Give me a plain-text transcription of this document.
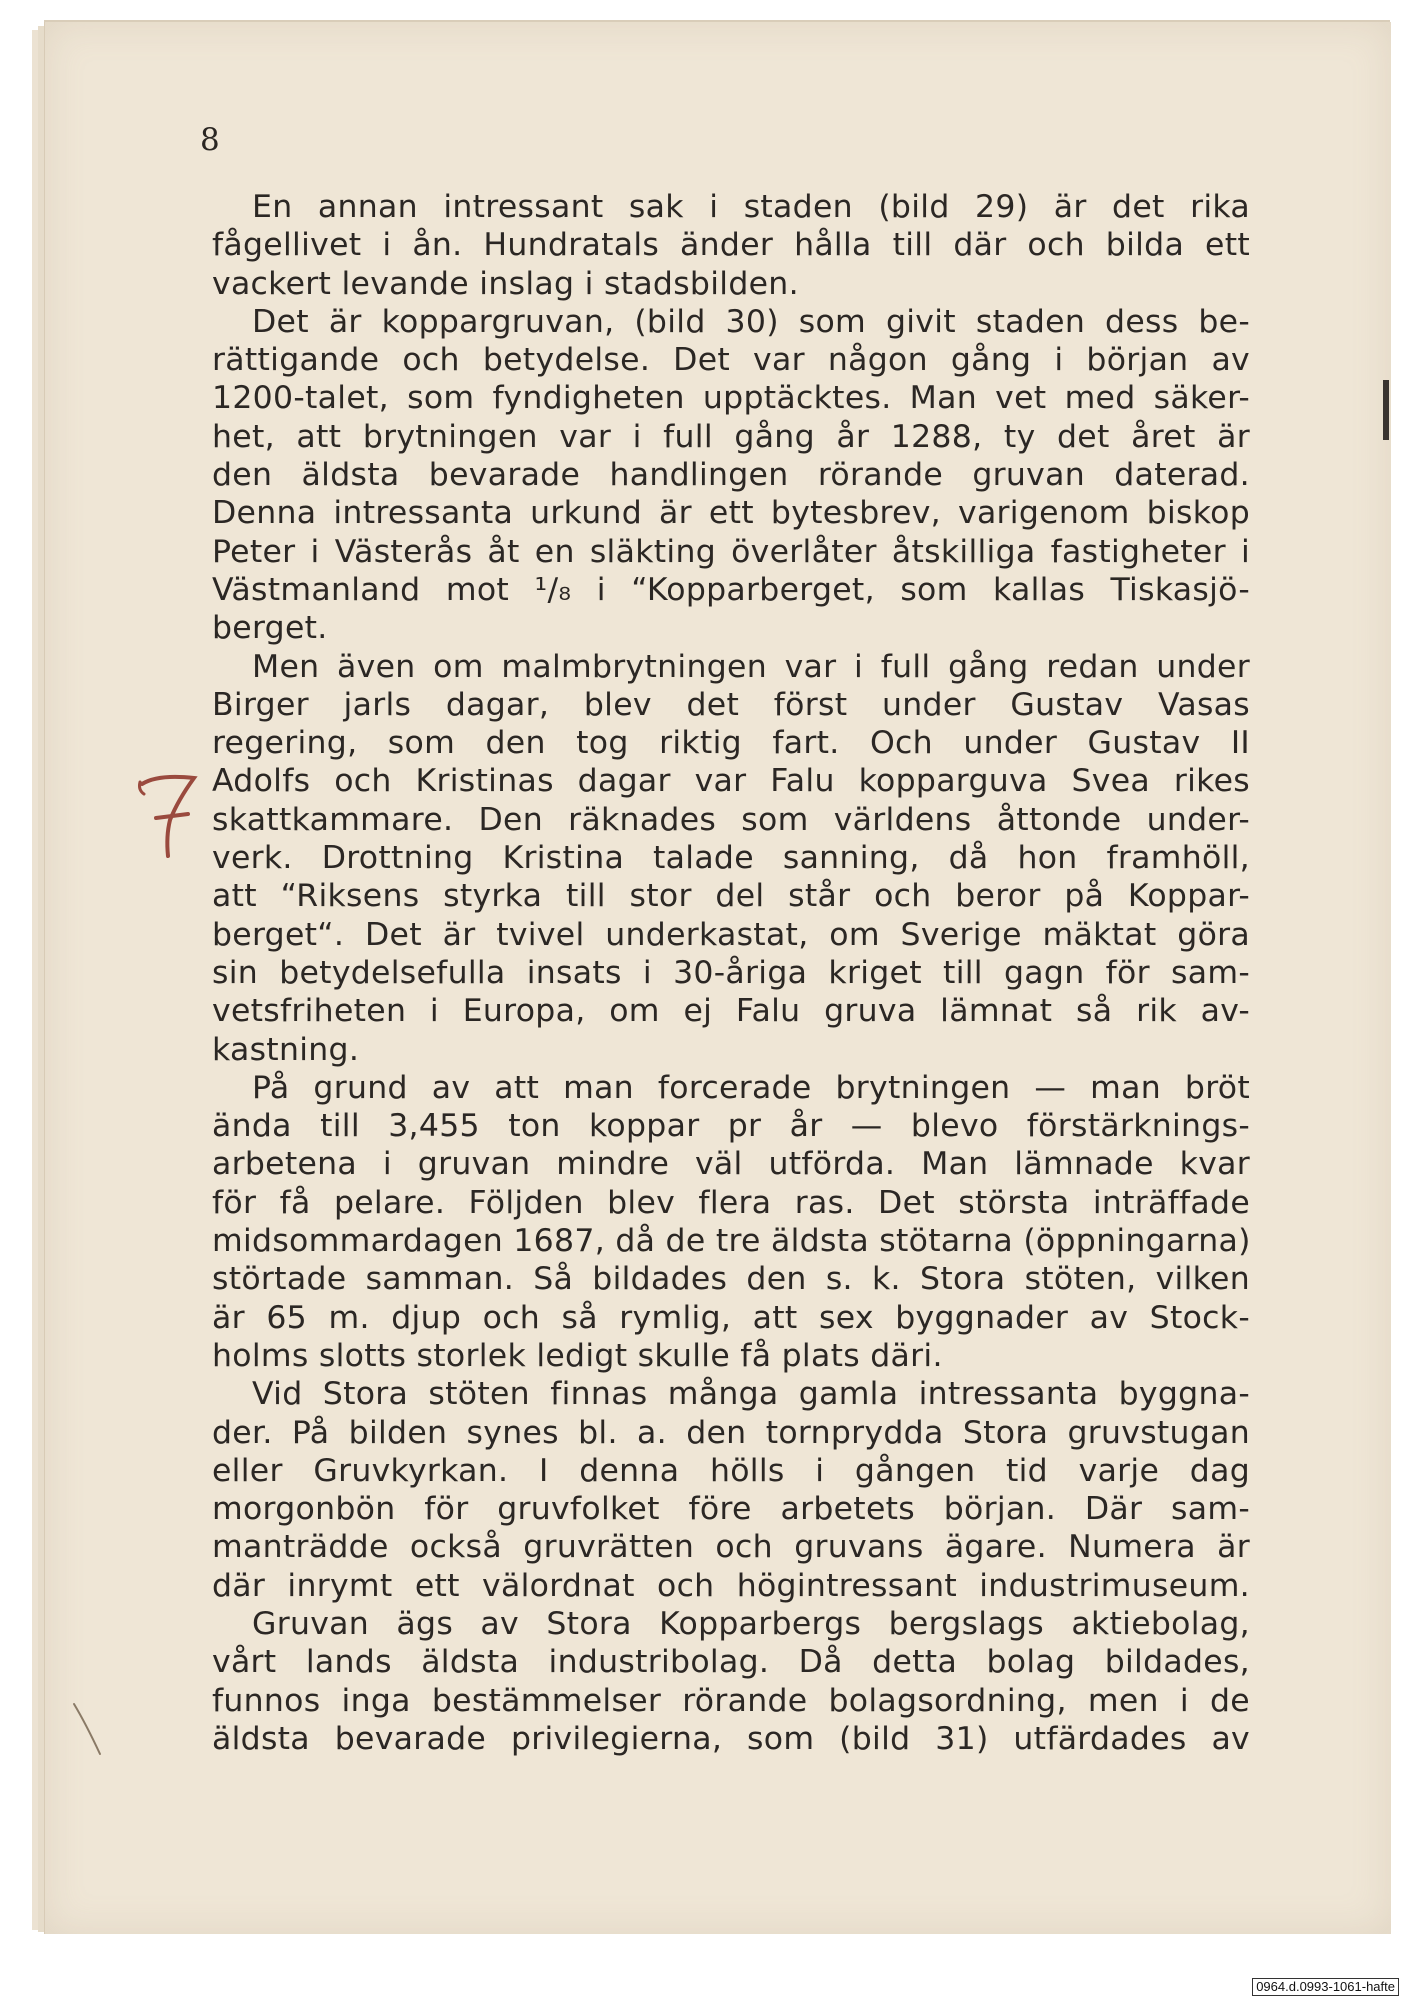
8
En annan intressant sak i staden (bild 29) är det rika
fågellivet i ån. Hundratals änder hålla till där och bilda ett
vackert levande inslag i stadsbilden.
Det är koppargruvan, (bild 30) som givit staden dess be-
rättigande och betydelse. Det var någon gång i början av
1200-talet, som fyndigheten upptäcktes. Man vet med säker-
het, att brytningen var i full gång år 1288, ty det året är
den äldsta bevarade handlingen rörande gruvan daterad.
Denna intressanta urkund är ett bytesbrev, varigenom biskop
Peter i Västerås åt en släkting överlåter åtskilliga fastigheter i
Västmanland mot ¹/₈ i “Kopparberget, som kallas Tiskasjö-
berget.
Men även om malmbrytningen var i full gång redan under
Birger jarls dagar, blev det först under Gustav Vasas
regering, som den tog riktig fart. Och under Gustav II
Adolfs och Kristinas dagar var Falu kopparguva Svea rikes
skattkammare. Den räknades som världens åttonde under-
verk. Drottning Kristina talade sanning, då hon framhöll,
att “Riksens styrka till stor del står och beror på Koppar-
berget“. Det är tvivel underkastat, om Sverige mäktat göra
sin betydelsefulla insats i 30-åriga kriget till gagn för sam-
vetsfriheten i Europa, om ej Falu gruva lämnat så rik av-
kastning.
På grund av att man forcerade brytningen — man bröt
ända till 3,455 ton koppar pr år — blevo förstärknings-
arbetena i gruvan mindre väl utförda. Man lämnade kvar
för få pelare. Följden blev flera ras. Det största inträffade
midsommardagen 1687, då de tre äldsta stötarna (öppningarna)
störtade samman. Så bildades den s. k. Stora stöten, vilken
är 65 m. djup och så rymlig, att sex byggnader av Stock-
holms slotts storlek ledigt skulle få plats däri.
Vid Stora stöten finnas många gamla intressanta byggna-
der. På bilden synes bl. a. den tornprydda Stora gruvstugan
eller Gruvkyrkan. I denna hölls i gången tid varje dag
morgonbön för gruvfolket före arbetets början. Där sam-
manträdde också gruvrätten och gruvans ägare. Numera är
där inrymt ett välordnat och högintressant industrimuseum.
Gruvan ägs av Stora Kopparbergs bergslags aktiebolag,
vårt lands äldsta industribolag. Då detta bolag bildades,
funnos inga bestämmelser rörande bolagsordning, men i de
äldsta bevarade privilegierna, som (bild 31) utfärdades av
0964.d.0993-1061-hafte
